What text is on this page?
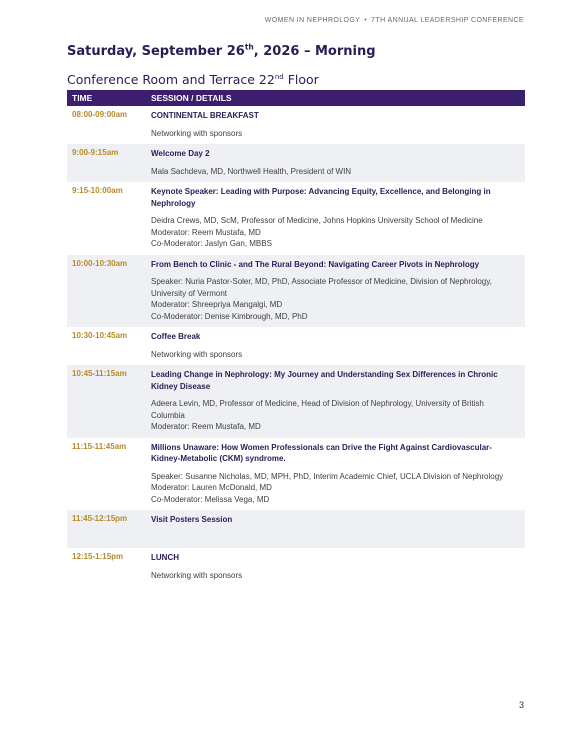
WOMEN IN NEPHROLOGY • 7TH ANNUAL LEADERSHIP CONFERENCE
Saturday, September 26th, 2026 – Morning
Conference Room and Terrace 22nd Floor
TIME	SESSION / DETAILS
08:00-09:00am	CONTINENTAL BREAKFAST
Networking with sponsors
9:00-9:15am	Welcome Day 2
Mala Sachdeva, MD, Northwell Health, President of WIN
9:15-10:00am	Keynote Speaker: Leading with Purpose: Advancing Equity, Excellence, and Belonging in Nephrology
Deidra Crews, MD, ScM, Professor of Medicine, Johns Hopkins University School of Medicine
Moderator: Reem Mustafa, MD
Co-Moderator: Jaslyn Gan, MBBS
10:00-10:30am	From Bench to Clinic - and The Rural Beyond: Navigating Career Pivots in Nephrology
Speaker: Nuria Pastor-Soler, MD, PhD, Associate Professor of Medicine, Division of Nephrology, University of Vermont
Moderator: Shreepriya Mangalgi, MD
Co-Moderator: Denise Kimbrough, MD, PhD
10:30-10:45am	Coffee Break
Networking with sponsors
10:45-11:15am	Leading Change in Nephrology: My Journey and Understanding Sex Differences in Chronic Kidney Disease
Adeera Levin, MD, Professor of Medicine, Head of Division of Nephrology, University of British Columbia
Moderator: Reem Mustafa, MD
11:15-11:45am	Millions Unaware: How Women Professionals can Drive the Fight Against Cardiovascular-Kidney-Metabolic (CKM) syndrome.
Speaker: Susanne Nicholas, MD, MPH, PhD, Interim Academic Chief, UCLA Division of Nephrology
Moderator: Lauren McDonald, MD
Co-Moderator: Melissa Vega, MD
11:45-12:15pm	Visit Posters Session
12:15-1:15pm	LUNCH
Networking with sponsors
3
